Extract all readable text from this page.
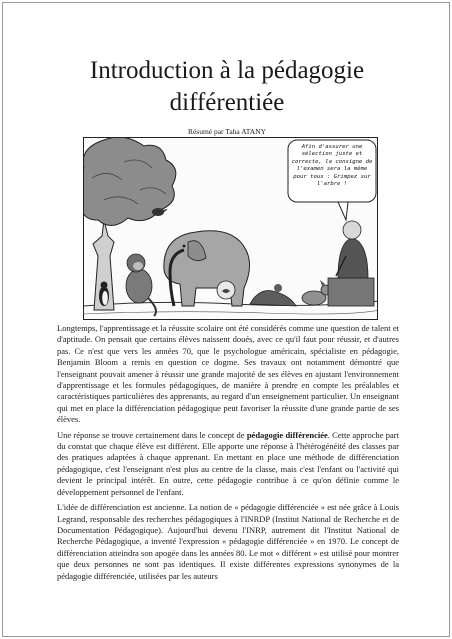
Introduction à la pédagogie
différentiée
Résumé par Taha ATANY
Afin d'assurer une sélection juste et correcte, la consigne de l'examen sera la même pour tous : Grimpez sur l'arbre !

Longtemps, l'apprentissage et la réussite scolaire ont été considérés comme une question de talent et d'aptitude. On pensait que certains élèves naissent doués, avec ce qu'il faut pour réussir, et d'autres pas. Ce n'est que vers les années 70, que le psychologue américain, spécialiste en pédagogie, Benjamin Bloom a remis en question ce dogme. Ses travaux ont notamment démontré que l'enseignant pouvait amener à réussir une grande majorité de ses élèves en ajustant l'environnement d'apprentissage et les formules pédagogiques, de manière à prendre en compte les préalables et caractéristiques particulières des apprenants, au regard d'un enseignement particulier. Un enseignant qui met en place la différenciation pédagogique peut favoriser la réussite d'une grande partie de ses élèves.

Une réponse se trouve certainement dans le concept de pédagogie différenciée. Cette approche part du constat que chaque élève est différent. Elle apporte une réponse à l'hétérogénéité des classes par des pratiques adaptées à chaque apprenant. En mettant en place une méthode de différenciation pédagogique, c'est l'enseignant n'est plus au centre de la classe, mais c'est l'enfant ou l'activité qui devient le principal intérêt. En outre, cette pédagogie contribue à ce qu'on définie comme le développement personnel de l'enfant.

L'idée de différenciation est ancienne. La notion de « pédagogie différenciée » est née grâce à Louis Legrand, responsable des recherches pédagogiques à l'INRDP (Institut National de Recherche et de Documentation Pédagogique). Aujourd'hui devenu l'INRP, autrement dit l'Institut National de Recherche Pédagogique, a inventé l'expression « pédagogie différenciée » en 1970. Le concept de différenciation atteindra son apogée dans les années 80. Le mot « différent » est utilisé pour montrer que deux personnes ne sont pas identiques. Il existe différentes expressions synonymes de la pédagogie différenciée, utilisées par les auteurs
